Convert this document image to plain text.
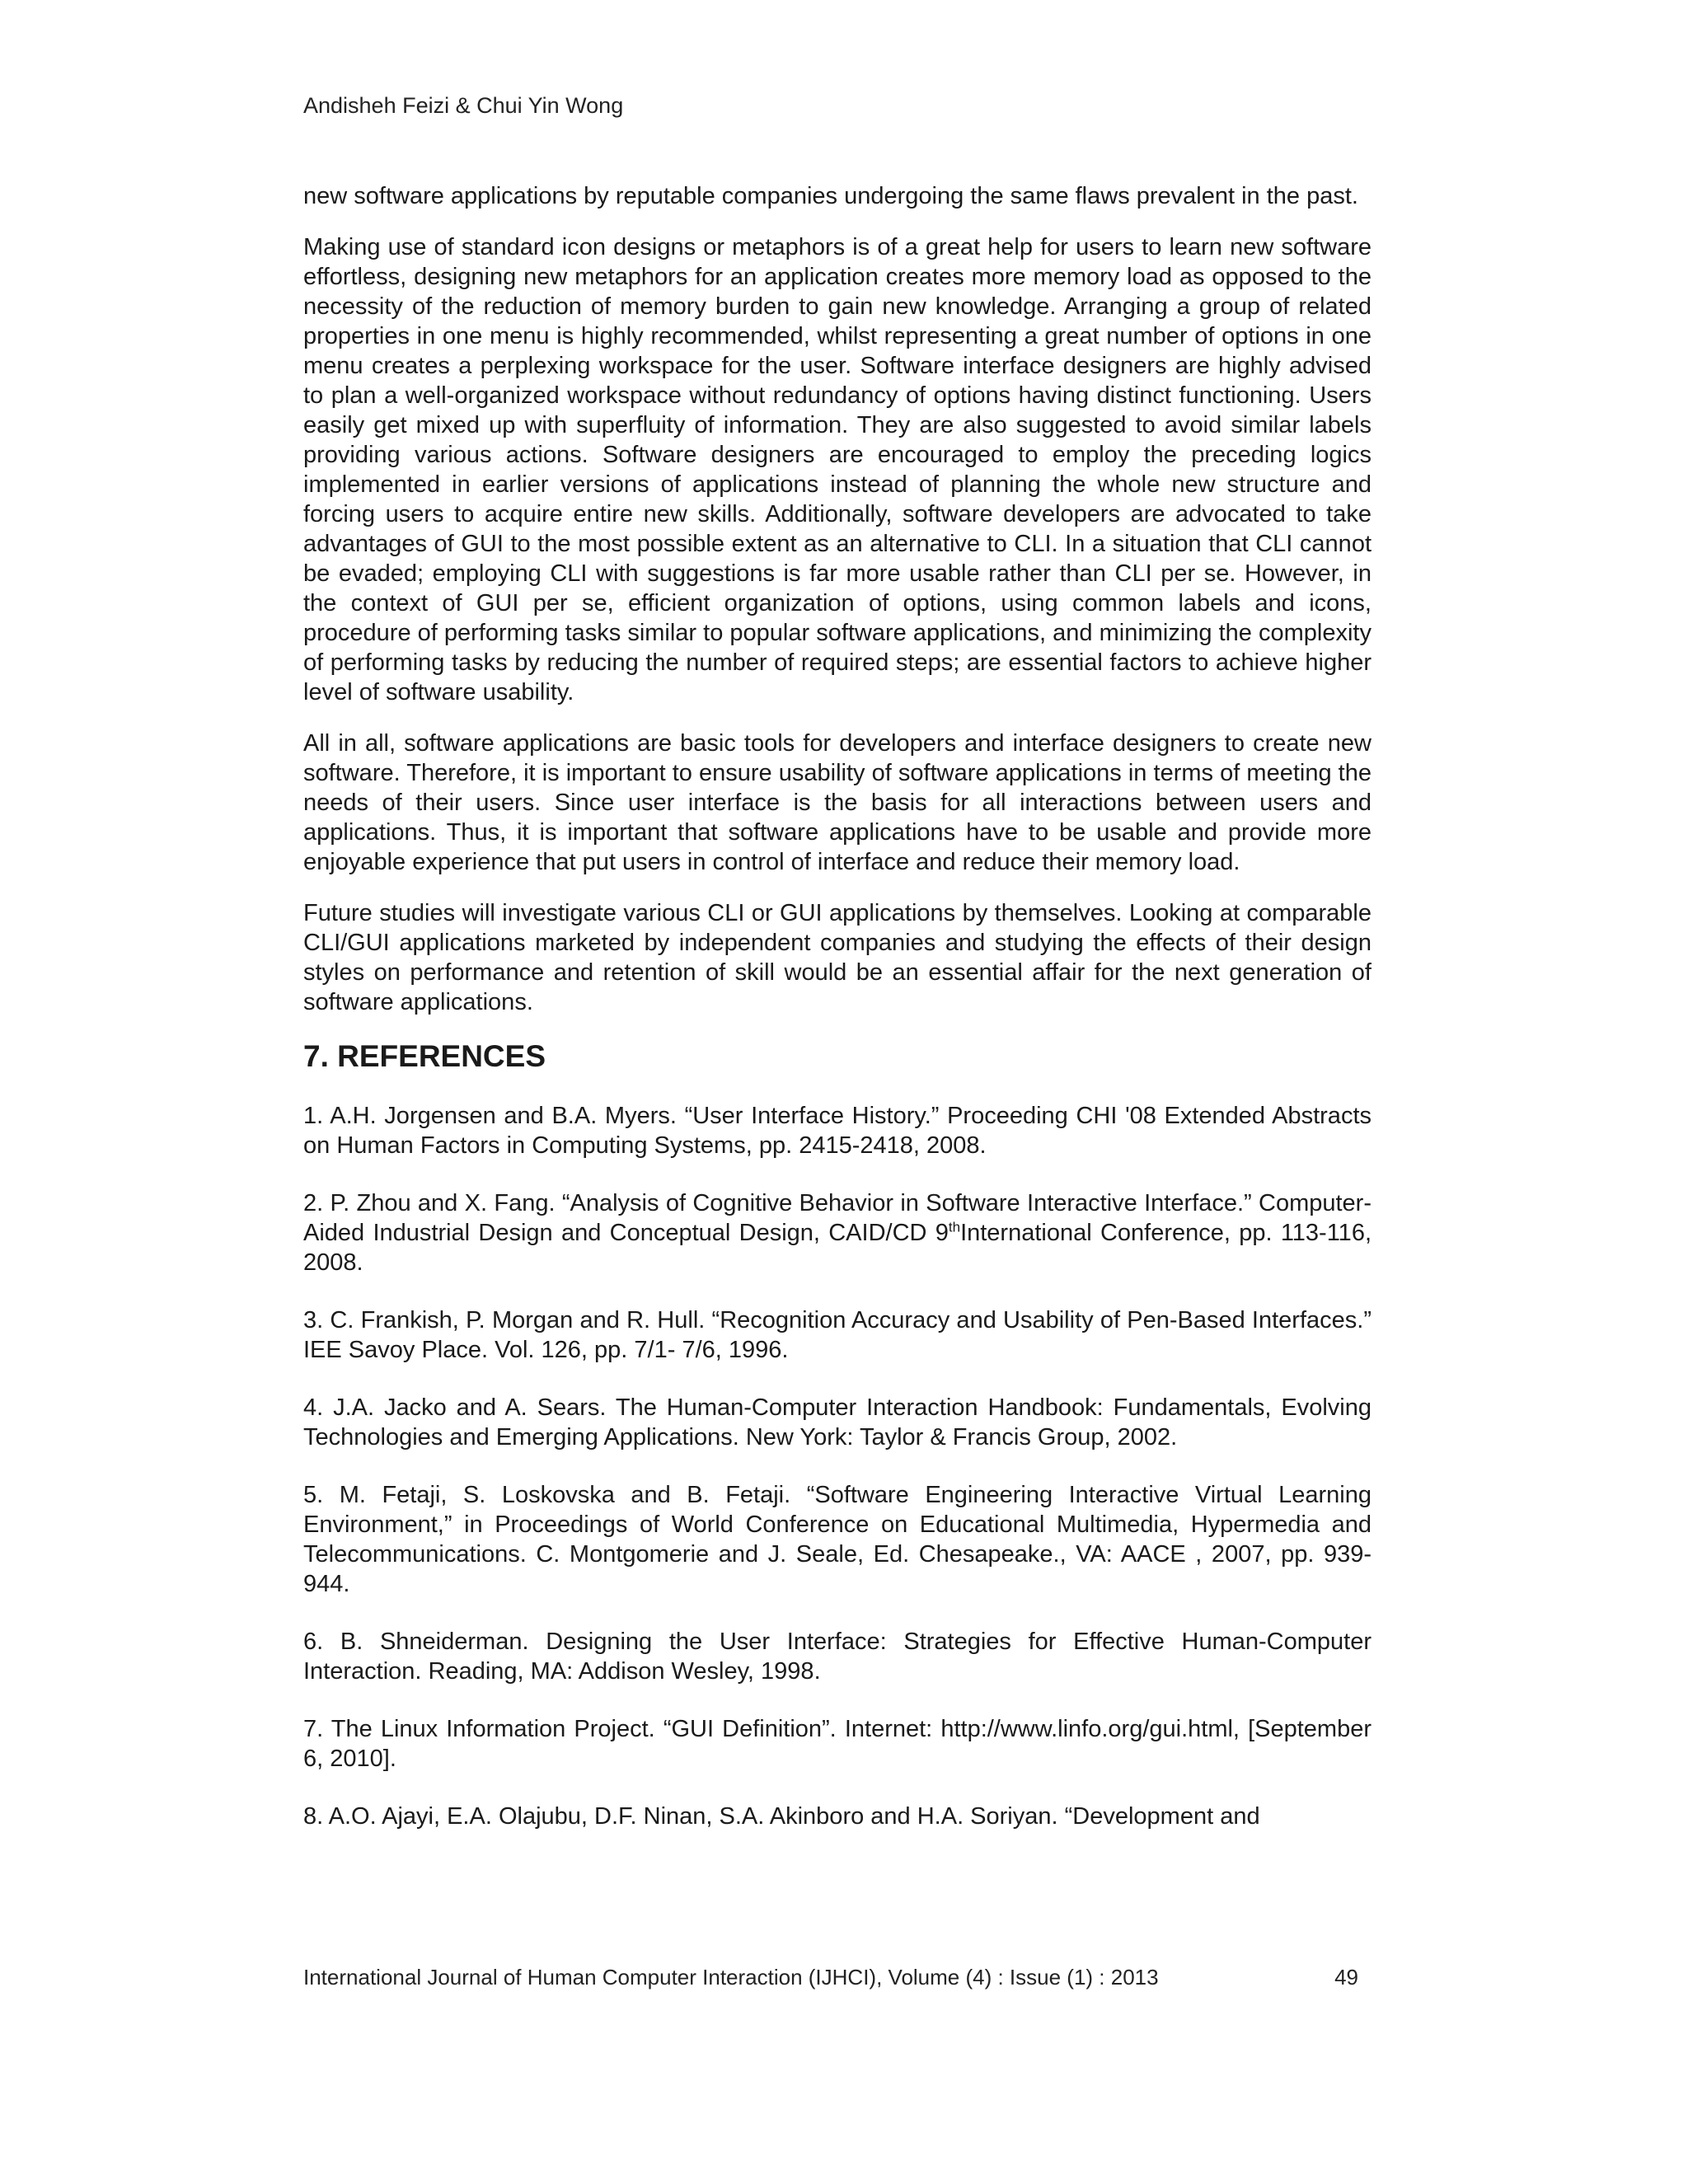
Andisheh Feizi & Chui Yin Wong

new software applications by reputable companies undergoing the same flaws prevalent in the past.

Making use of standard icon designs or metaphors is of a great help for users to learn new software effortless, designing new metaphors for an application creates more memory load as opposed to the necessity of the reduction of memory burden to gain new knowledge. Arranging a group of related properties in one menu is highly recommended, whilst representing a great number of options in one menu creates a perplexing workspace for the user. Software interface designers are highly advised to plan a well-organized workspace without redundancy of options having distinct functioning. Users easily get mixed up with superfluity of information. They are also suggested to avoid similar labels providing various actions. Software designers are encouraged to employ the preceding logics implemented in earlier versions of applications instead of planning the whole new structure and forcing users to acquire entire new skills. Additionally, software developers are advocated to take advantages of GUI to the most possible extent as an alternative to CLI. In a situation that CLI cannot be evaded; employing CLI with suggestions is far more usable rather than CLI per se. However, in the context of GUI per se, efficient organization of options, using common labels and icons, procedure of performing tasks similar to popular software applications, and minimizing the complexity of performing tasks by reducing the number of required steps; are essential factors to achieve higher level of software usability.

All in all, software applications are basic tools for developers and interface designers to create new software. Therefore, it is important to ensure usability of software applications in terms of meeting the needs of their users. Since user interface is the basis for all interactions between users and applications. Thus, it is important that software applications have to be usable and provide more enjoyable experience that put users in control of interface and reduce their memory load.

Future studies will investigate various CLI or GUI applications by themselves. Looking at comparable CLI/GUI applications marketed by independent companies and studying the effects of their design styles on performance and retention of skill would be an essential affair for the next generation of software applications.

7. REFERENCES

1. A.H. Jorgensen and B.A. Myers. “User Interface History.” Proceeding CHI '08 Extended Abstracts on Human Factors in Computing Systems, pp. 2415-2418, 2008.

2. P. Zhou and X. Fang. “Analysis of Cognitive Behavior in Software Interactive Interface.” Computer-Aided Industrial Design and Conceptual Design, CAID/CD 9thInternational Conference, pp. 113-116, 2008.

3. C. Frankish, P. Morgan and R. Hull. “Recognition Accuracy and Usability of Pen-Based Interfaces.” IEE Savoy Place. Vol. 126, pp. 7/1- 7/6, 1996.

4. J.A. Jacko and A. Sears. The Human-Computer Interaction Handbook: Fundamentals, Evolving Technologies and Emerging Applications. New York: Taylor & Francis Group, 2002.

5. M. Fetaji, S. Loskovska and B. Fetaji. “Software Engineering Interactive Virtual Learning Environment,” in Proceedings of World Conference on Educational Multimedia, Hypermedia and Telecommunications. C. Montgomerie and J. Seale, Ed. Chesapeake., VA: AACE , 2007, pp. 939-944.

6. B. Shneiderman. Designing the User Interface: Strategies for Effective Human-Computer Interaction. Reading, MA: Addison Wesley, 1998.

7. The Linux Information Project. “GUI Definition”. Internet: http://www.linfo.org/gui.html, [September 6, 2010].

8. A.O. Ajayi, E.A. Olajubu, D.F. Ninan, S.A. Akinboro and H.A. Soriyan. “Development and

International Journal of Human Computer Interaction (IJHCI), Volume (4) : Issue (1) : 2013	49
